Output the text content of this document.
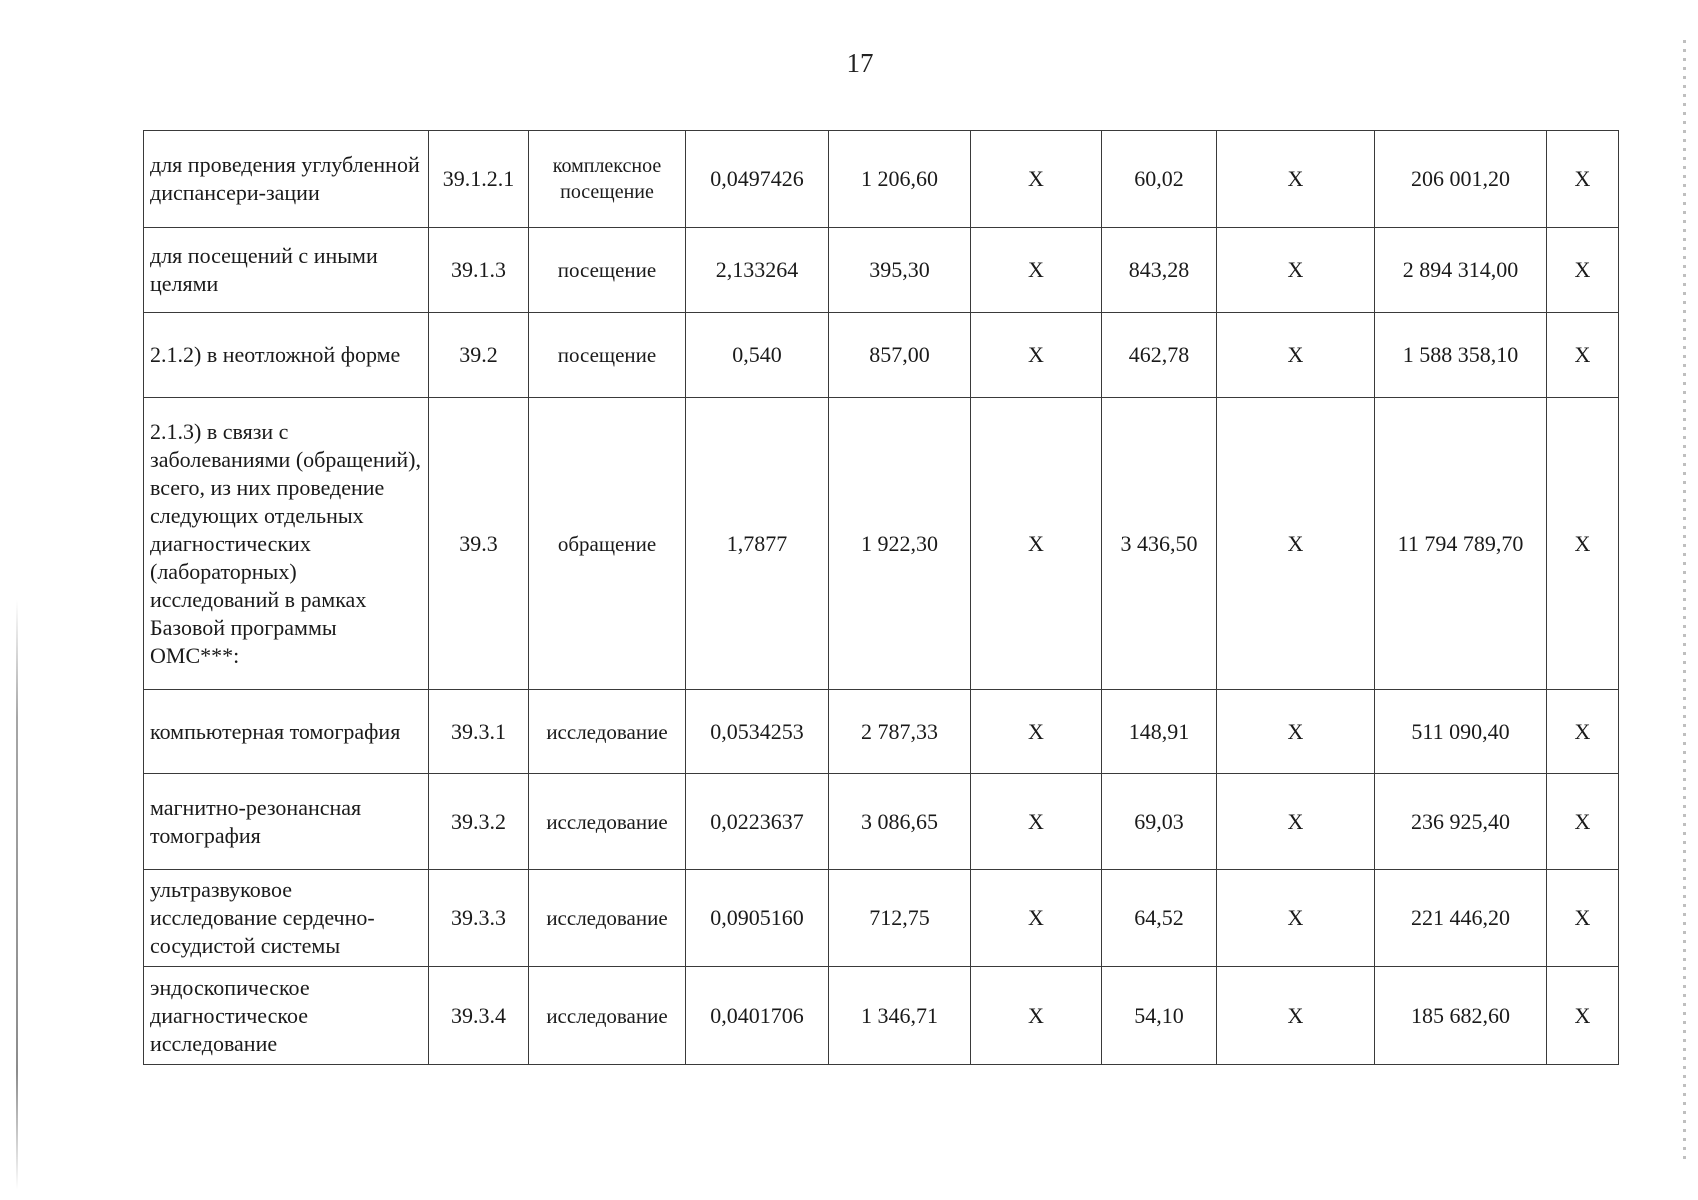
17
для проведения углубленной диспансери-зации	39.1.2.1	комплексное посещение	0,0497426	1 206,60	X	60,02	X	206 001,20	X
для посещений с иными целями	39.1.3	посещение	2,133264	395,30	X	843,28	X	2 894 314,00	X
2.1.2) в неотложной форме	39.2	посещение	0,540	857,00	X	462,78	X	1 588 358,10	X
2.1.3) в связи с заболеваниями (обращений), всего, из них проведение следующих отдельных диагностических (лабораторных) исследований в рамках Базовой программы ОМС***:	39.3	обращение	1,7877	1 922,30	X	3 436,50	X	11 794 789,70	X
компьютерная томография	39.3.1	исследование	0,0534253	2 787,33	X	148,91	X	511 090,40	X
магнитно-резонансная томография	39.3.2	исследование	0,0223637	3 086,65	X	69,03	X	236 925,40	X
ультразвуковое исследование сердечно-сосудистой системы	39.3.3	исследование	0,0905160	712,75	X	64,52	X	221 446,20	X
эндоскопическое диагностическое исследование	39.3.4	исследование	0,0401706	1 346,71	X	54,10	X	185 682,60	X
